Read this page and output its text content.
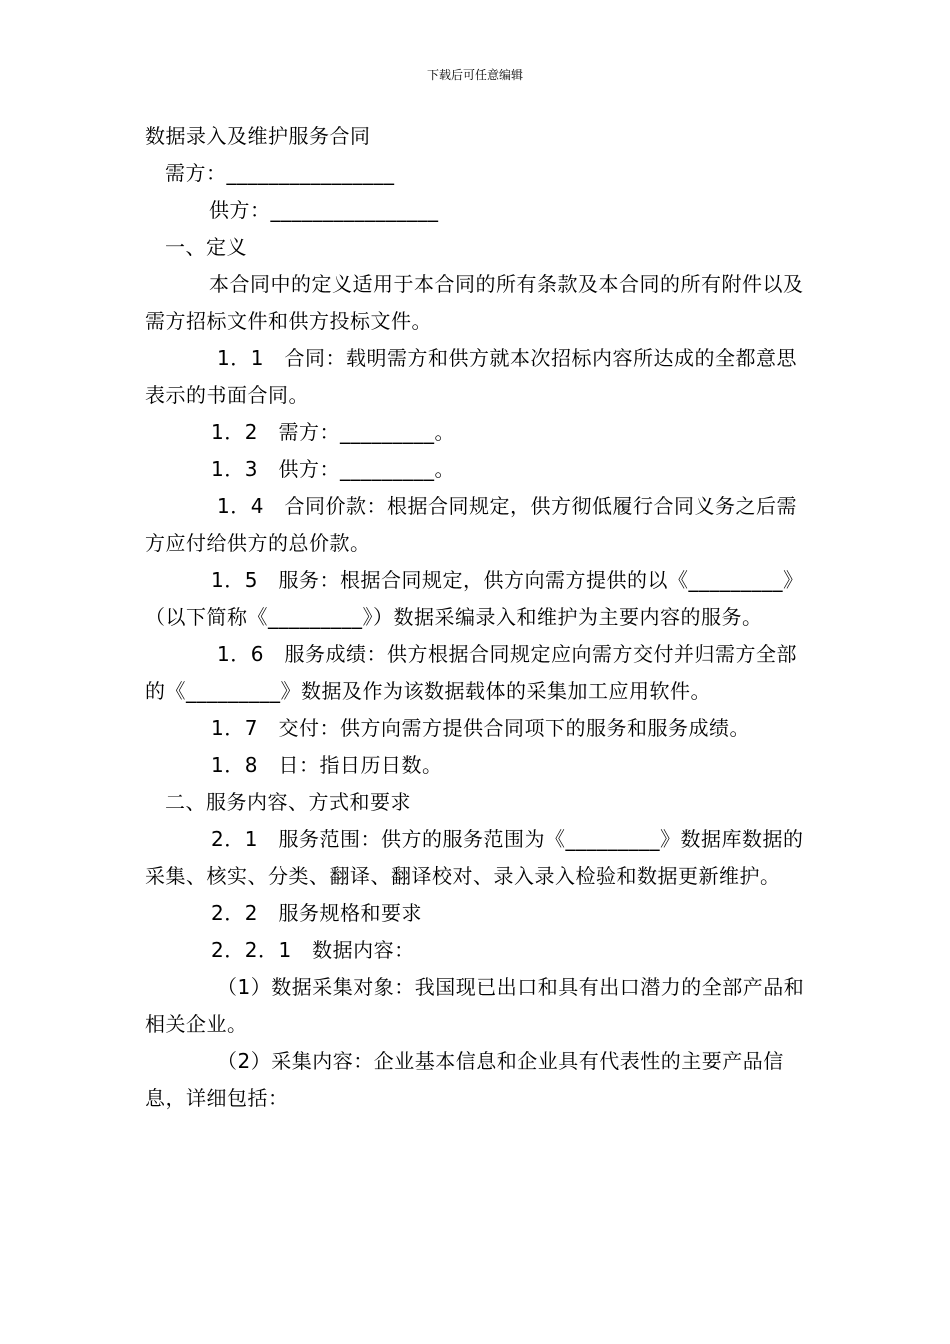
下载后可任意编辑

数据录入及维护服务合同

需方：________________

供方：________________

一、定义

本合同中的定义适用于本合同的所有条款及本合同的所有附件以及需方招标文件和供方投标文件。

1．1　合同：载明需方和供方就本次招标内容所达成的全都意思表示的书面合同。

1．2　需方：_________。

1．3　供方：_________。

1．4　合同价款：根据合同规定，供方彻低履行合同义务之后需方应付给供方的总价款。

1．5　服务：根据合同规定，供方向需方提供的以《_________》（以下简称《_________》）数据采编录入和维护为主要内容的服务。

1．6　服务成绩：供方根据合同规定应向需方交付并归需方全部的《_________》数据及作为该数据载体的采集加工应用软件。

1．7　交付：供方向需方提供合同项下的服务和服务成绩。

1．8　日：指日历日数。

二、服务内容、方式和要求

2．1　服务范围：供方的服务范围为《_________》数据库数据的采集、核实、分类、翻译、翻译校对、录入录入检验和数据更新维护。

2．2　服务规格和要求

2．2．1　数据内容：

（1）数据采集对象：我国现已出口和具有出口潜力的全部产品和相关企业。

（2）采集内容：企业基本信息和企业具有代表性的主要产品信息，详细包括：
